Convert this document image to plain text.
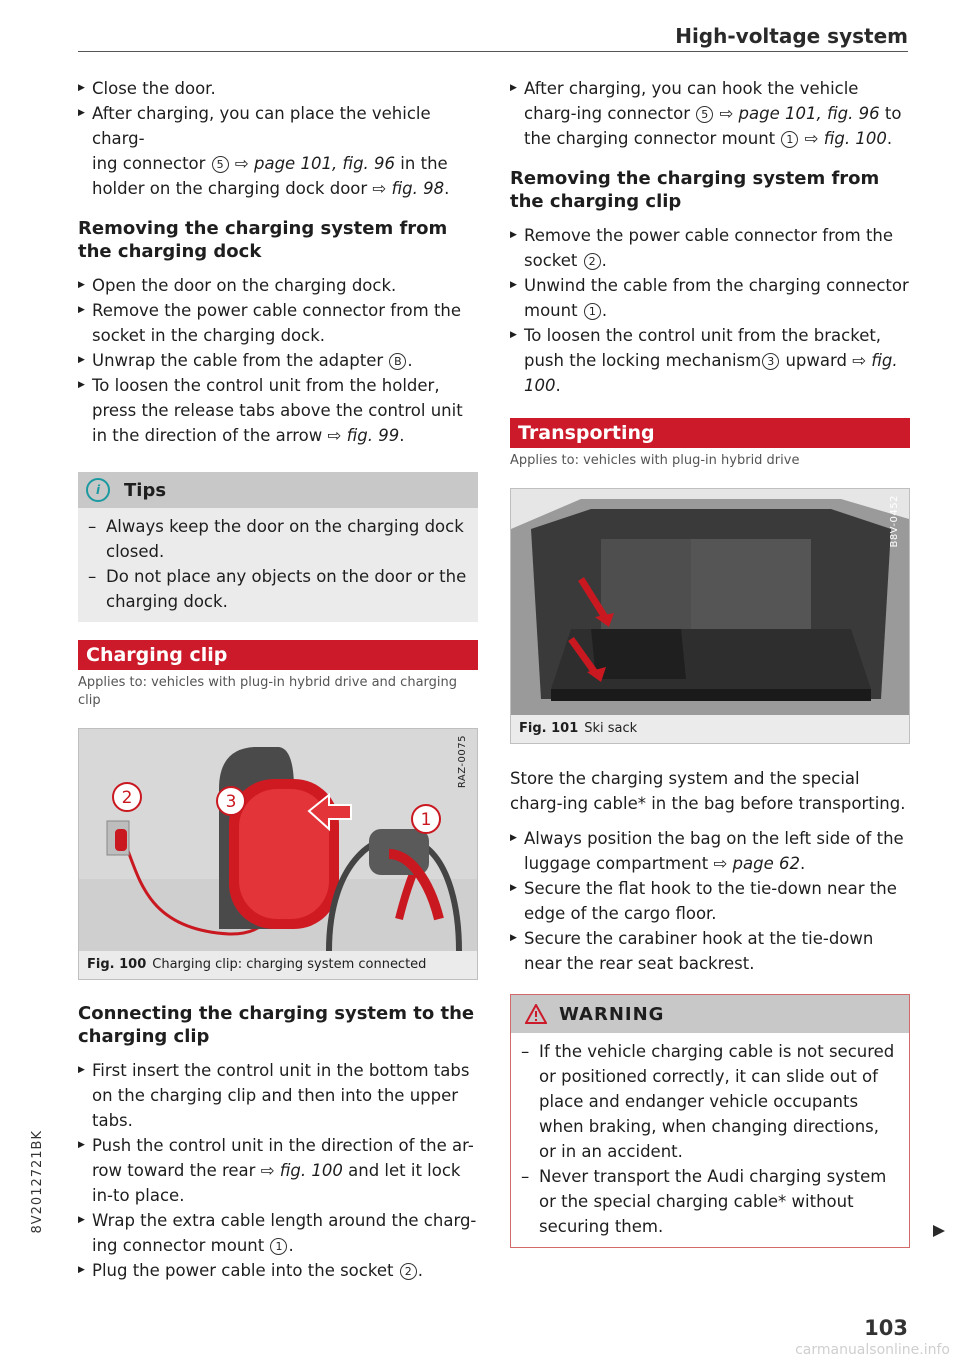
High-voltage system

▶ Close the door.

▶ After charging, you can place the vehicle charg-
ing connector 5 ⇨ page 101, fig. 96 in the
holder on the charging dock door ⇨ fig. 98.

Removing the charging system from the charging dock

▶ Open the door on the charging dock.

▶ Remove the power cable connector from the socket in the charging dock.

▶ Unwrap the cable from the adapter B .

▶ To loosen the control unit from the holder, press the release tabs above the control unit in the direction of the arrow ⇨ fig. 99.

i	Tips

– Always keep the door on the charging dock closed.

– Do not place any objects on the door or the charging dock.

Charging clip
Applies to: vehicles with plug-in hybrid drive and charging clip
1
2	3
RAZ-0075
Fig. 100 Charging clip: charging system connected
Connecting the charging system to the charging clip

▶ First insert the control unit in the bottom tabs on the charging clip and then into the upper tabs.

▶ Push the control unit in the direction of the ar-row toward the rear ⇨ fig. 100 and let it lock in-to place.

▶ Wrap the extra cable length around the charg-ing connector mount 1 .

▶ Plug the power cable into the socket 2 .

▶ After charging, you can hook the vehicle charg-ing connector 5 ⇨ page 101, fig. 96 to the charging connector mount 1 ⇨ fig. 100.

Removing the charging system from the charging clip

▶ Remove the power cable connector from the socket 2 .

▶ Unwind the cable from the charging connector mount 1 .

▶ To loosen the control unit from the bracket, push the locking mechanism 3 upward ⇨ fig. 100.

Transporting
Applies to: vehicles with plug-in hybrid drive
B8V-0452
Fig. 101 Ski sack

Store the charging system and the special charg-ing cable* in the bag before transporting.

▶ Always position the bag on the left side of the luggage compartment ⇨ page 62.

▶ Secure the flat hook to the tie-down near the edge of the cargo floor.

▶ Secure the carabiner hook at the tie-down near the rear seat backrest.

WARNING

– If the vehicle charging cable is not secured or positioned correctly, it can slide out of place and endanger vehicle occupants when braking, when changing directions, or in an accident.

– Never transport the Audi charging system or the special charging cable* without securing them.

8V2012721BK
103
carmanualsonline.info
